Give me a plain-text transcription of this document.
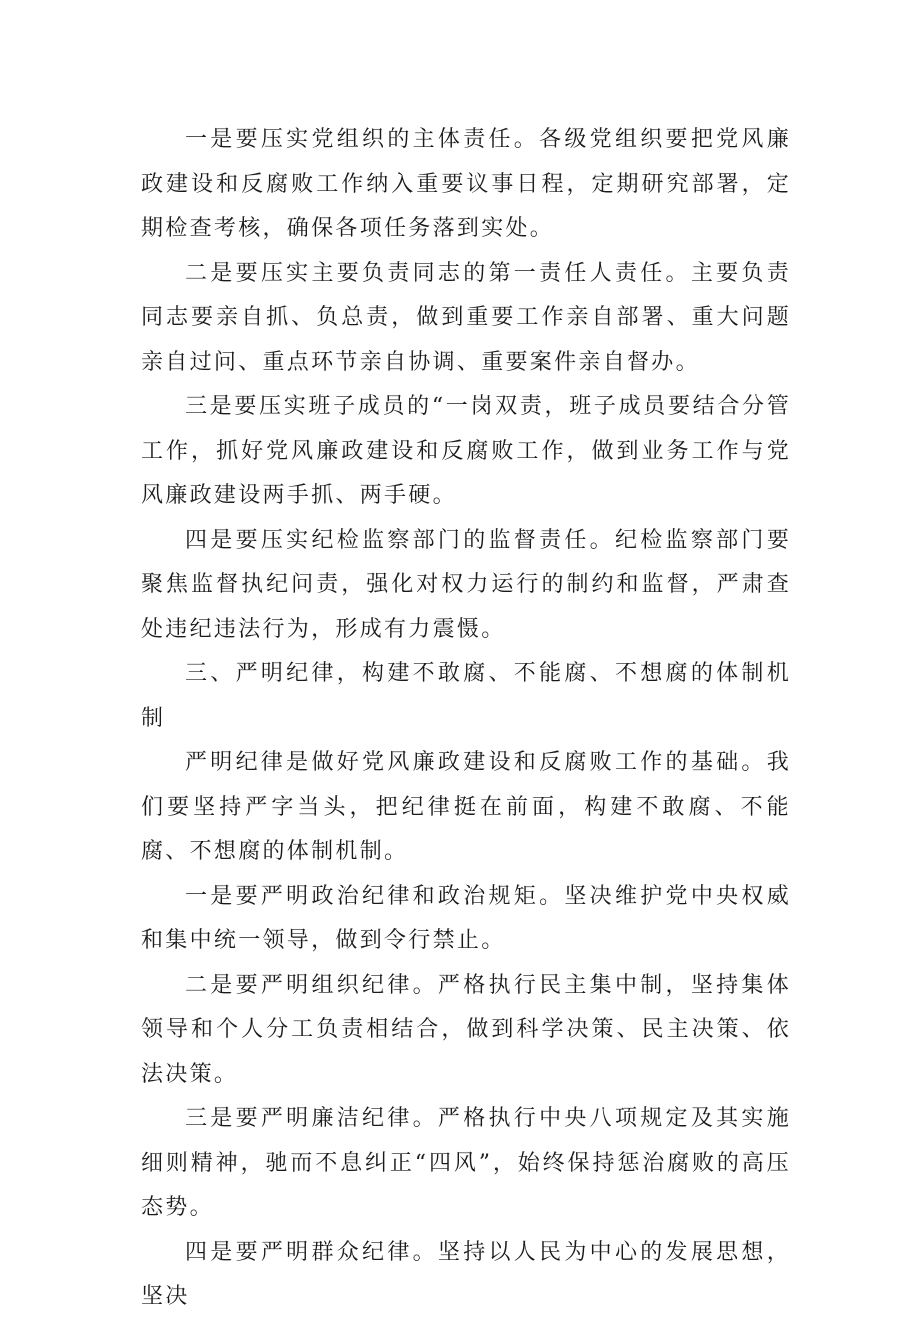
一是要压实党组织的主体责任。各级党组织要把党风廉政建设和反腐败工作纳入重要议事日程，定期研究部署，定期检查考核，确保各项任务落到实处。

二是要压实主要负责同志的第一责任人责任。主要负责同志要亲自抓、负总责，做到重要工作亲自部署、重大问题亲自过问、重点环节亲自协调、重要案件亲自督办。

三是要压实班子成员的“一岗双责，班子成员要结合分管工作，抓好党风廉政建设和反腐败工作，做到业务工作与党风廉政建设两手抓、两手硬。

四是要压实纪检监察部门的监督责任。纪检监察部门要聚焦监督执纪问责，强化对权力运行的制约和监督，严肃查处违纪违法行为，形成有力震慑。

三、严明纪律，构建不敢腐、不能腐、不想腐的体制机制

严明纪律是做好党风廉政建设和反腐败工作的基础。我们要坚持严字当头，把纪律挺在前面，构建不敢腐、不能腐、不想腐的体制机制。

一是要严明政治纪律和政治规矩。坚决维护党中央权威和集中统一领导，做到令行禁止。

二是要严明组织纪律。严格执行民主集中制，坚持集体领导和个人分工负责相结合，做到科学决策、民主决策、依法决策。

三是要严明廉洁纪律。严格执行中央八项规定及其实施细则精神，驰而不息纠正“四风”，始终保持惩治腐败的高压态势。

四是要严明群众纪律。坚持以人民为中心的发展思想，坚决
